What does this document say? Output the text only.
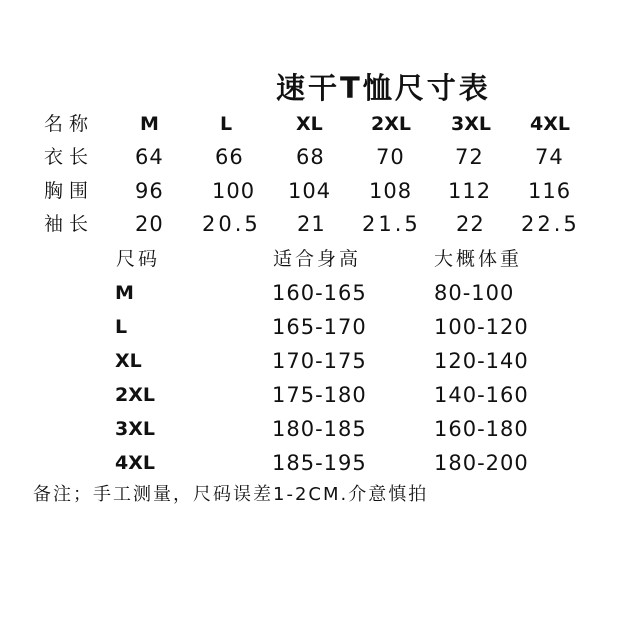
速干T恤尺寸表
名称 M	L	XL	2XL 3XL 4XL
衣长 64 66 68 70 72 74
胸围 96 100 104 108 112 116
袖长 20 20.5 21 21.5 22 22.5
尺码	适合身高	大概体重
M	160-165	80-100
L	165-170	100-120
XL	170-175	120-140
2XL	175-180	140-160
3XL	180-185	160-180
4XL	185-195	180-200
备注；手工测量，尺码误差1-2CM.介意慎拍
